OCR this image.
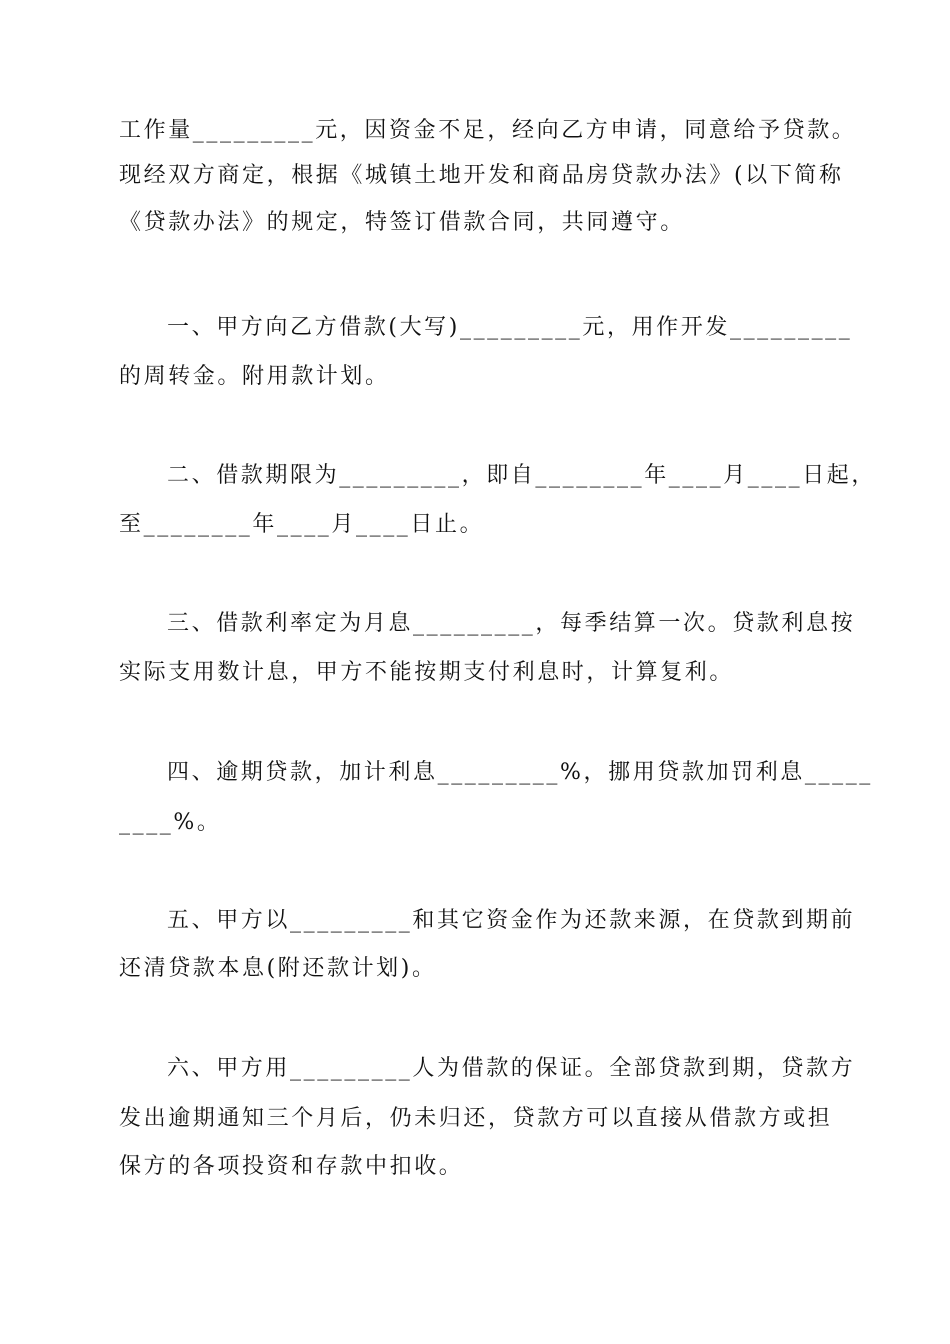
工作量_________元，因资金不足，经向乙方申请，同意给予贷款。
现经双方商定，根据《城镇土地开发和商品房贷款办法》(以下简称
《贷款办法》的规定，特签订借款合同，共同遵守。
一、甲方向乙方借款(大写)_________元，用作开发_________
的周转金。附用款计划。
二、借款期限为_________，即自________年____月____日起，
至________年____月____日止。
三、借款利率定为月息_________，每季结算一次。贷款利息按
实际支用数计息，甲方不能按期支付利息时，计算复利。
四、逾期贷款，加计利息_________%，挪用贷款加罚利息_____
____%。
五、甲方以_________和其它资金作为还款来源，在贷款到期前
还清贷款本息(附还款计划)。
六、甲方用_________人为借款的保证。全部贷款到期，贷款方
发出逾期通知三个月后，仍未归还，贷款方可以直接从借款方或担
保方的各项投资和存款中扣收。
